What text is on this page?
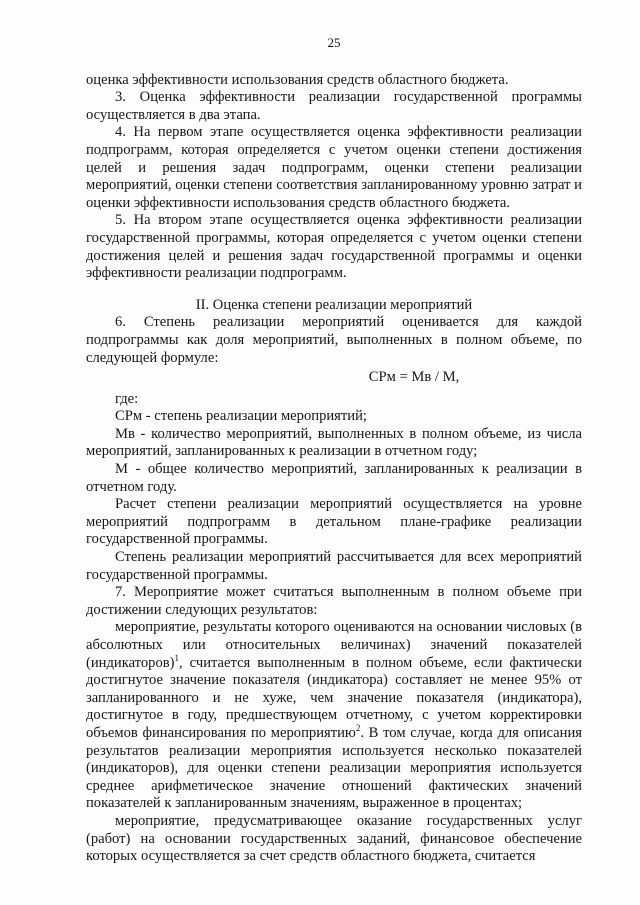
25

оценка эффективности использования средств областного бюджета.

3. Оценка эффективности реализации государственной программы осуществляется в два этапа.

4. На первом этапе осуществляется оценка эффективности реализации подпрограмм, которая определяется с учетом оценки степени достижения целей и решения задач подпрограмм, оценки степени реализации мероприятий, оценки степени соответствия запланированному уровню затрат и оценки эффективности использования средств областного бюджета.

5. На втором этапе осуществляется оценка эффективности реализации государственной программы, которая определяется с учетом оценки степени достижения целей и решения задач государственной программы и оценки эффективности реализации подпрограмм.

II. Оценка степени реализации мероприятий

6. Степень реализации мероприятий оценивается для каждой подпрограммы как доля мероприятий, выполненных в полном объеме, по следующей формуле:

СРм = Мв / М,

где:

СРм - степень реализации мероприятий;

Мв - количество мероприятий, выполненных в полном объеме, из числа мероприятий, запланированных к реализации в отчетном году;

М - общее количество мероприятий, запланированных к реализации в отчетном году.

Расчет степени реализации мероприятий осуществляется на уровне мероприятий подпрограмм в детальном плане-графике реализации государственной программы.

Степень реализации мероприятий рассчитывается для всех мероприятий государственной программы.

7. Мероприятие может считаться выполненным в полном объеме при достижении следующих результатов:

мероприятие, результаты которого оцениваются на основании числовых (в абсолютных или относительных величинах) значений показателей (индикаторов)$^1$, считается выполненным в полном объеме, если фактически достигнутое значение показателя (индикатора) составляет не менее 95% от запланированного и не хуже, чем значение показателя (индикатора), достигнутое в году, предшествующем отчетному, с учетом корректировки объемов финансирования по мероприятию$^2$. В том случае, когда для описания результатов реализации мероприятия используется несколько показателей (индикаторов), для оценки степени реализации мероприятия используется среднее арифметическое значение отношений фактических значений показателей к запланированным значениям, выраженное в процентах;

мероприятие, предусматривающее оказание государственных услуг (работ) на основании государственных заданий, финансовое обеспечение которых осуществляется за счет средств областного бюджета, считается
